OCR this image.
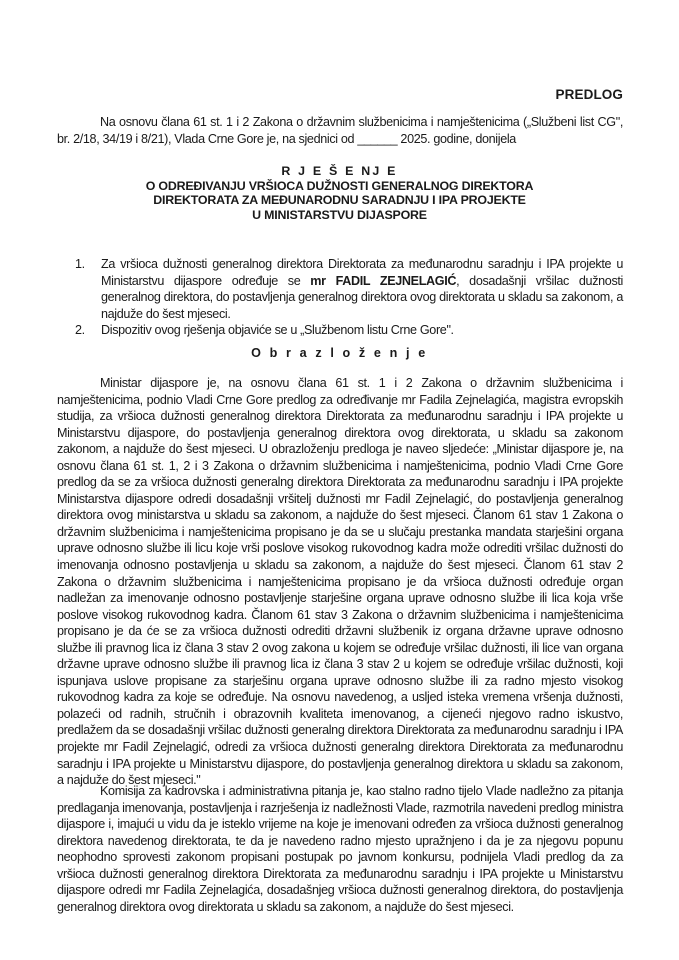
PREDLOG

Na osnovu člana 61 st. 1 i 2 Zakona o državnim službenicima i namještenicima („Službeni list CG", br. 2/18, 34/19 i 8/21), Vlada Crne Gore je, na sjednici od ______ 2025. godine, donijela

R J E Š E NJ E
O ODREĐIVANJU VRŠIOCA DUŽNOSTI GENERALNOG DIREKTORA
DIREKTORATA ZA MEĐUNARODNU SARADNJU I IPA PROJEKTE
U MINISTARSTVU DIJASPORE
1. Za vršioca dužnosti generalnog direktora Direktorata za međunarodnu saradnju i IPA projekte u Ministarstvu dijaspore određuje se mr FADIL ZEJNELAGIĆ, dosadašnji vršilac dužnosti generalnog direktora, do postavljenja generalnog direktora ovog direktorata u skladu sa zakonom, a najduže do šest mjeseci.
2. Dispozitiv ovog rješenja objaviće se u „Službenom listu Crne Gore".
O b r a z l o ž e n j e

Ministar dijaspore je, na osnovu člana 61 st. 1 i 2 Zakona o državnim službenicima i namještenicima, podnio Vladi Crne Gore predlog za određivanje mr Fadila Zejnelagića, magistra evropskih studija, za vršioca dužnosti generalnog direktora Direktorata za međunarodnu saradnju i IPA projekte u Ministarstvu dijaspore, do postavljenja generalnog direktora ovog direktorata, u skladu sa zakonom zakonom, a najduže do šest mjeseci. U obrazloženju predloga je naveo sljedeće: „Ministar dijaspore je, na osnovu člana 61 st. 1, 2 i 3 Zakona o državnim službenicima i namještenicima, podnio Vladi Crne Gore predlog da se za vršioca dužnosti generalng direktora Direktorata za međunarodnu saradnju i IPA projekte Ministarstva dijaspore odredi dosadašnji vršitelj dužnosti mr Fadil Zejnelagić, do postavljenja generalnog direktora ovog ministarstva u skladu sa zakonom, a najduže do šest mjeseci. Članom 61 stav 1 Zakona o državnim službenicima i namještenicima propisano je da se u slučaju prestanka mandata starješini organa uprave odnosno službe ili licu koje vrši poslove visokog rukovodnog kadra može odrediti vršilac dužnosti do imenovanja odnosno postavljenja u skladu sa zakonom, a najduže do šest mjeseci. Članom 61 stav 2 Zakona o državnim službenicima i namještenicima propisano je da vršioca dužnosti određuje organ nadležan za imenovanje odnosno postavljenje starješine organa uprave odnosno službe ili lica koja vrše poslove visokog rukovodnog kadra. Članom 61 stav 3 Zakona o državnim službenicima i namještenicima propisano je da će se za vršioca dužnosti odrediti državni službenik iz organa državne uprave odnosno službe ili pravnog lica iz člana 3 stav 2 ovog zakona u kojem se određuje vršilac dužnosti, ili lice van organa državne uprave odnosno službe ili pravnog lica iz člana 3 stav 2 u kojem se određuje vršilac dužnosti, koji ispunjava uslove propisane za starješinu organa uprave odnosno službe ili za radno mjesto visokog rukovodnog kadra za koje se određuje. Na osnovu navedenog, a usljed isteka vremena vršenja dužnosti, polazeći od radnih, stručnih i obrazovnih kvaliteta imenovanog, a cijeneći njegovo radno iskustvo, predlažem da se dosadašnji vršilac dužnosti generalng direktora Direktorata za međunarodnu saradnju i IPA projekte mr Fadil Zejnelagić, odredi za vršioca dužnosti generalng direktora Direktorata za međunarodnu saradnju i IPA projekte u Ministarstvu dijaspore, do postavljenja generalnog direktora u skladu sa zakonom, a najduže do šest mjeseci."

Komisija za kadrovska i administrativna pitanja je, kao stalno radno tijelo Vlade nadležno za pitanja predlaganja imenovanja, postavljenja i razrješenja iz nadležnosti Vlade, razmotrila navedeni predlog ministra dijaspore i, imajući u vidu da je isteklo vrijeme na koje je imenovani određen za vršioca dužnosti generalnog direktora navedenog direktorata, te da je navedeno radno mjesto upražnjeno i da je za njegovu popunu neophodno sprovesti zakonom propisani postupak po javnom konkursu, podnijela Vladi predlog da za vršioca dužnosti generalnog direktora Direktorata za međunarodnu saradnju i IPA projekte u Ministarstvu dijaspore odredi mr Fadila Zejnelagića, dosadašnjeg vršioca dužnosti generalnog direktora, do postavljenja generalnog direktora ovog direktorata u skladu sa zakonom, a najduže do šest mjeseci.
